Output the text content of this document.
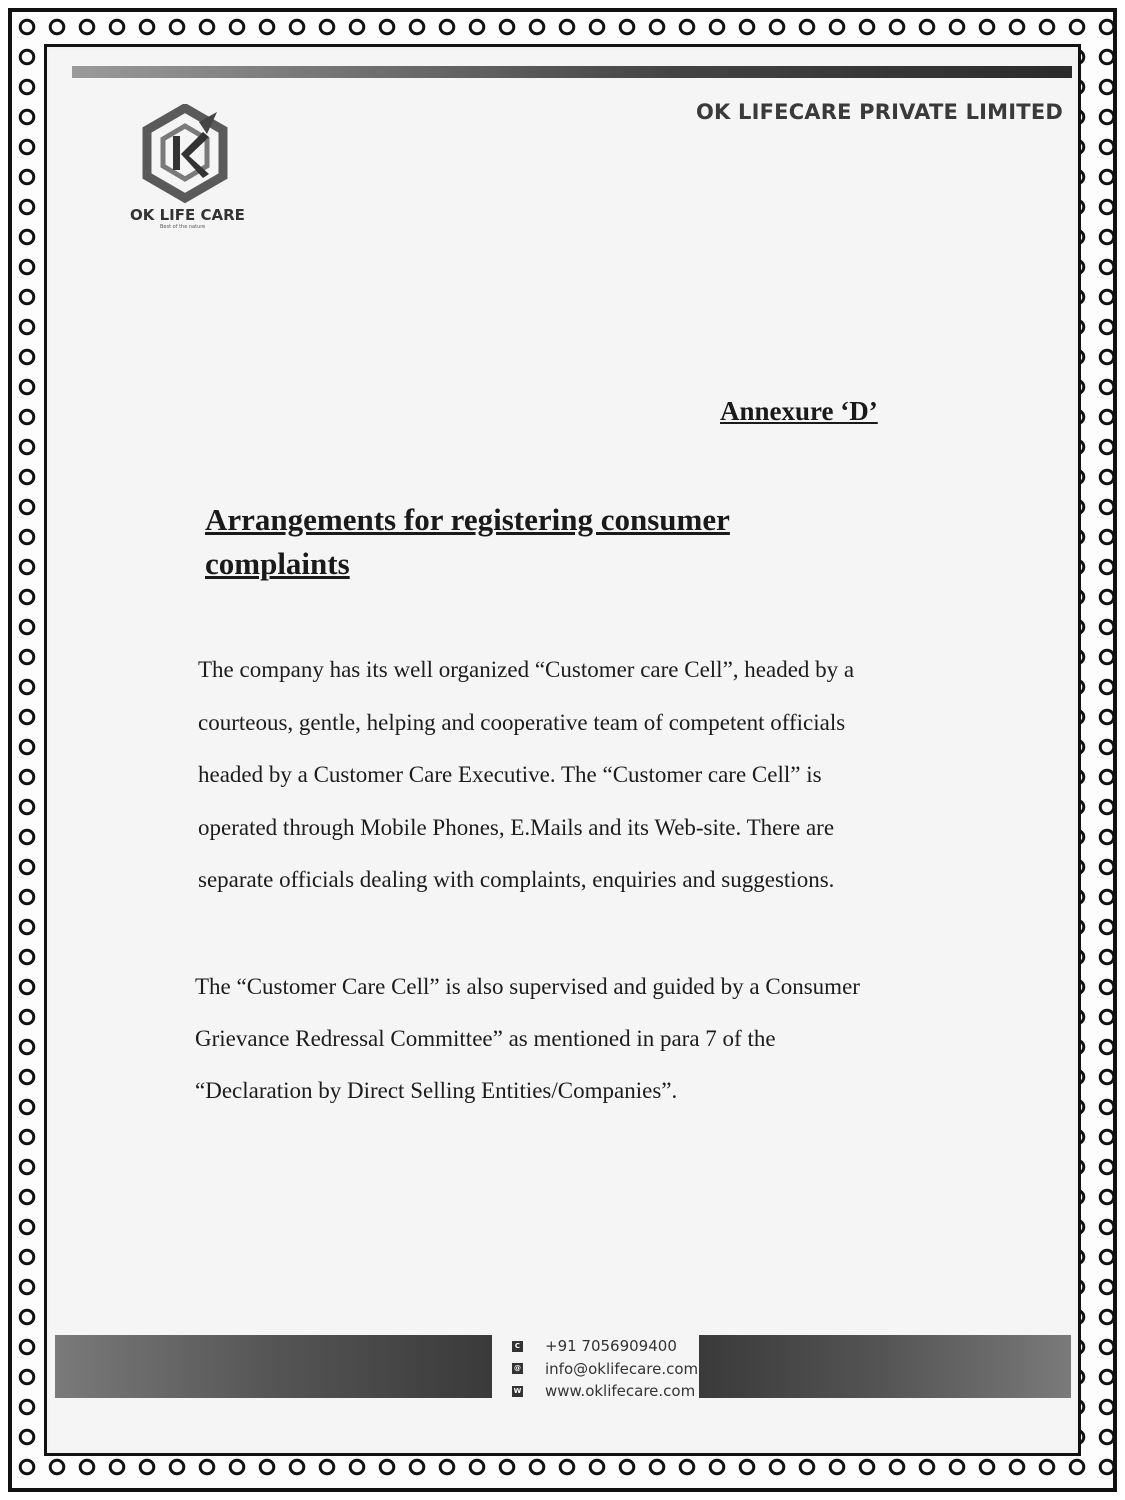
OK LIFECARE PRIVATE LIMITED
OK LIFE CARE
Best of the nature
Annexure ‘D’
Arrangements for registering consumer
complaints
The company has its well organized “Customer care Cell”, headed by a
courteous, gentle, helping and cooperative team of competent officials
headed by a Customer Care Executive. The “Customer care Cell” is
operated through Mobile Phones, E.Mails and its Web-site. There are
separate officials dealing with complaints, enquiries and suggestions.
The “Customer Care Cell” is also supervised and guided by a Consumer
Grievance Redressal Committee” as mentioned in para 7 of the
“Declaration by Direct Selling Entities/Companies”.
C +91 7056909400
@ info@oklifecare.com
W www.oklifecare.com
